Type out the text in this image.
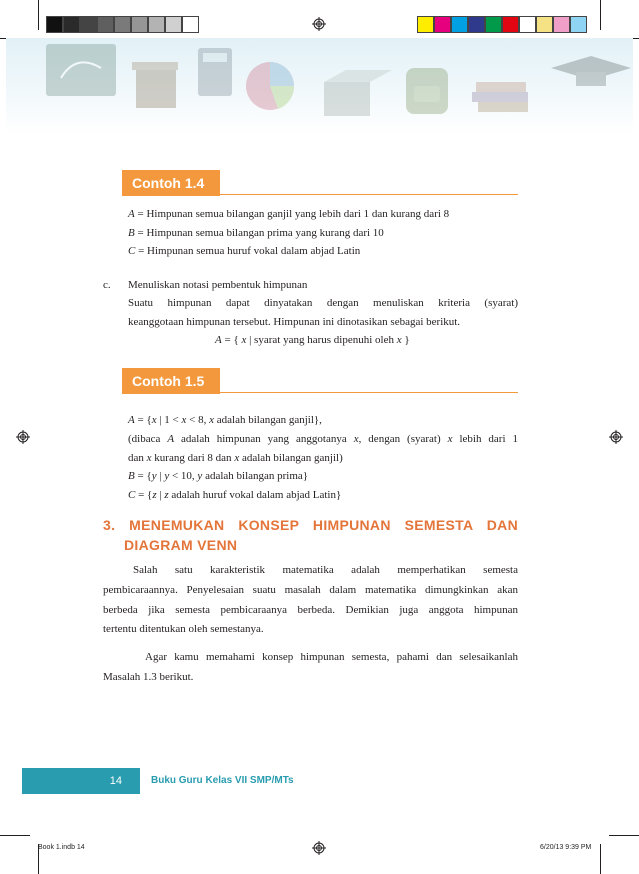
Contoh 1.4
A = Himpunan semua bilangan ganjil yang lebih dari 1 dan kurang dari 8
B = Himpunan semua bilangan prima yang kurang dari 10
C = Himpunan semua huruf vokal dalam abjad Latin
c. Menuliskan notasi pembentuk himpunan
Suatu himpunan dapat dinyatakan dengan menuliskan kriteria (syarat)
keanggotaan himpunan tersebut. Himpunan ini dinotasikan sebagai berikut.
A = { x | syarat yang harus dipenuhi oleh x }
Contoh 1.5
A = {x | 1 < x < 8, x adalah bilangan ganjil},
(dibaca A adalah himpunan yang anggotanya x, dengan (syarat) x lebih dari 1
dan x kurang dari 8 dan x adalah bilangan ganjil)
B = {y | y < 10, y adalah bilangan prima}
C = {z | z adalah huruf vokal dalam abjad Latin}
3. MENEMUKAN KONSEP HIMPUNAN SEMESTA DAN
DIAGRAM VENN
Salah satu karakteristik matematika adalah memperhatikan semesta
pembicaraannya. Penyelesaian suatu masalah dalam matematika dimungkinkan akan
berbeda jika semesta pembicaraanya berbeda. Demikian juga anggota himpunan
tertentu ditentukan oleh semestanya.
Agar kamu memahami konsep himpunan semesta, pahami dan selesaikanlah
Masalah 1.3 berikut.
14	Buku Guru Kelas VII SMP/MTs
Book 1.indb 14	6/20/13 9:39 PM
